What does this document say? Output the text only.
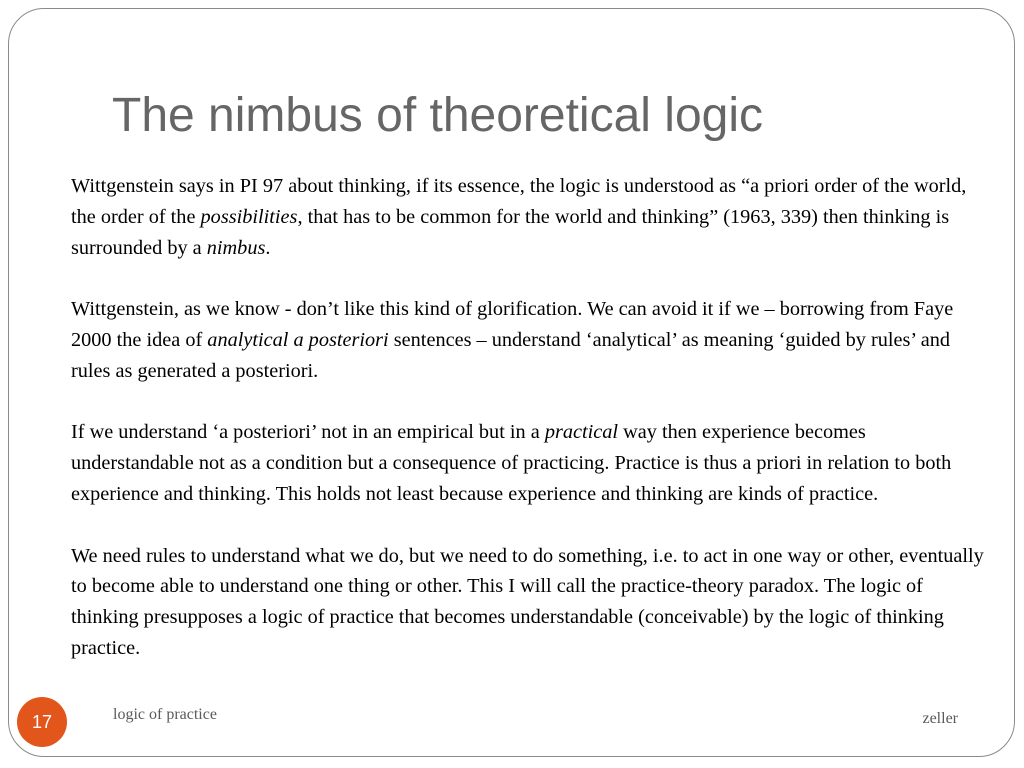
The nimbus of theoretical logic

Wittgenstein says in PI 97 about thinking, if its essence, the logic is understood as “a priori order of the world, the order of the possibilities, that has to be common for the world and thinking” (1963, 339) then thinking is surrounded by a nimbus.

Wittgenstein, as we know - don’t like this kind of glorification. We can avoid it if we – borrowing from Faye 2000 the idea of analytical a posteriori sentences – understand ‘analytical’ as meaning ‘guided by rules’ and rules as generated a posteriori.

If we understand ‘a posteriori’ not in an empirical but in a practical way then experience becomes understandable not as a condition but a consequence of practicing. Practice is thus a priori in relation to both experience and thinking. This holds not least because experience and thinking are kinds of practice.

We need rules to understand what we do, but we need to do something, i.e. to act in one way or other, eventually to become able to understand one thing or other. This I will call the practice-theory paradox. The logic of thinking presupposes a logic of practice that becomes understandable (conceivable) by the logic of thinking practice.

17	logic of practice	zeller
